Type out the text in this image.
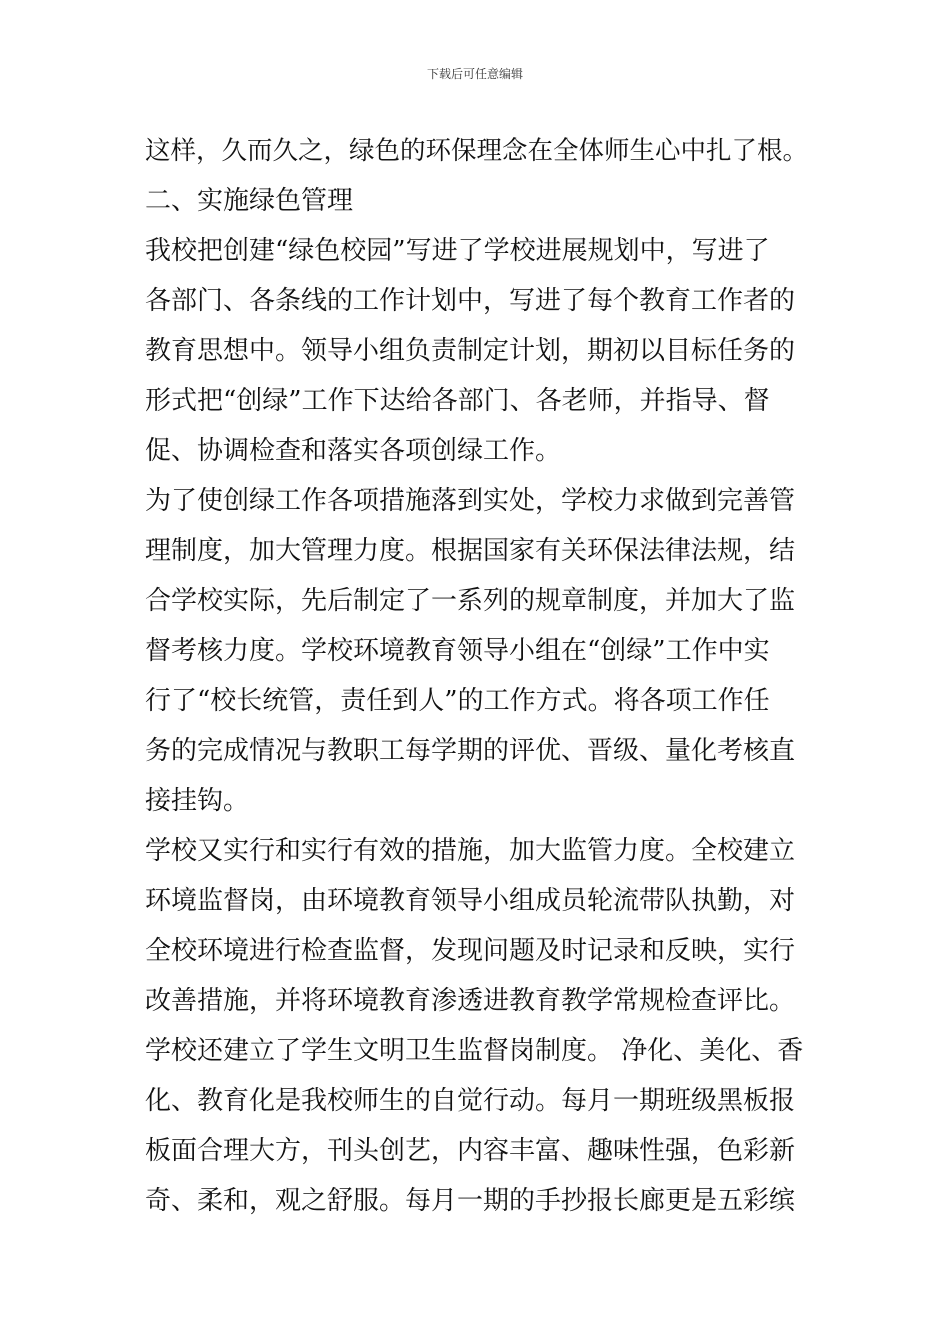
下载后可任意编辑
这样，久而久之，绿色的环保理念在全体师生心中扎了根。
二、实施绿色管理
我校把创建“绿色校园”写进了学校进展规划中，写进了
各部门、各条线的工作计划中，写进了每个教育工作者的
教育思想中。领导小组负责制定计划，期初以目标任务的
形式把“创绿”工作下达给各部门、各老师，并指导、督
促、协调检查和落实各项创绿工作。
为了使创绿工作各项措施落到实处，学校力求做到完善管
理制度，加大管理力度。根据国家有关环保法律法规，结
合学校实际，先后制定了一系列的规章制度，并加大了监
督考核力度。学校环境教育领导小组在“创绿”工作中实
行了“校长统管，责任到人”的工作方式。将各项工作任
务的完成情况与教职工每学期的评优、晋级、量化考核直
接挂钩。
学校又实行和实行有效的措施，加大监管力度。全校建立
环境监督岗，由环境教育领导小组成员轮流带队执勤，对
全校环境进行检查监督，发现问题及时记录和反映，实行
改善措施，并将环境教育渗透进教育教学常规检查评比。
学校还建立了学生文明卫生监督岗制度。 净化、美化、香
化、教育化是我校师生的自觉行动。每月一期班级黑板报
板面合理大方，刊头创艺，内容丰富、趣味性强，色彩新
奇、柔和，观之舒服。每月一期的手抄报长廊更是五彩缤
